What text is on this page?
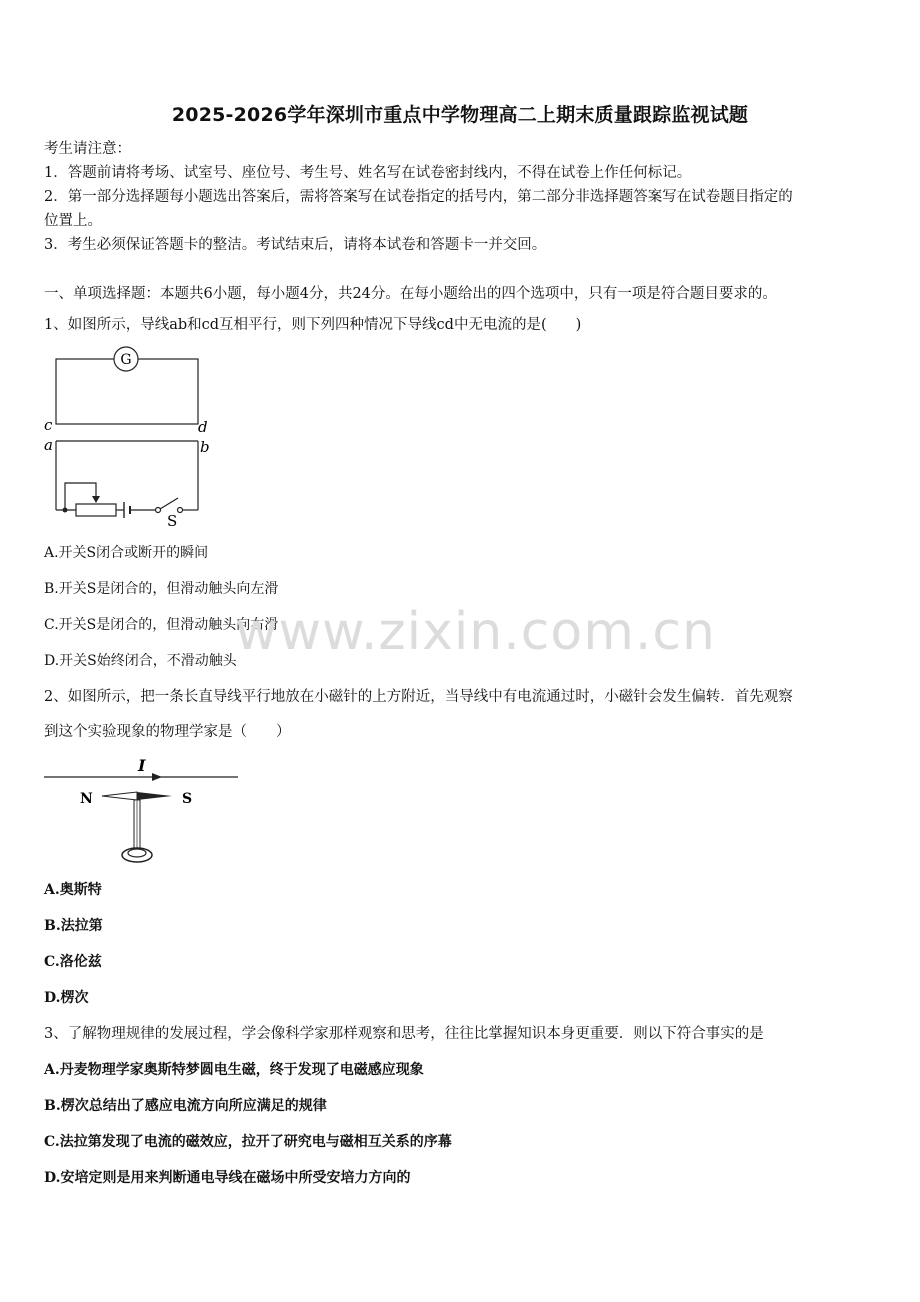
2025-2026学年深圳市重点中学物理高二上期末质量跟踪监视试题
考生请注意：
1．答题前请将考场、试室号、座位号、考生号、姓名写在试卷密封线内，不得在试卷上作任何标记。
2．第一部分选择题每小题选出答案后，需将答案写在试卷指定的括号内，第二部分非选择题答案写在试卷题目指定的
位置上。
3．考生必须保证答题卡的整洁。考试结束后，请将本试卷和答题卡一并交回。
一、单项选择题：本题共6小题，每小题4分，共24分。在每小题给出的四个选项中，只有一项是符合题目要求的。
1、如图所示，导线ab和cd互相平行，则下列四种情况下导线cd中无电流的是(　　)
G
c	d
a	b
S
A.开关S闭合或断开的瞬间
B.开关S是闭合的，但滑动触头向左滑
C.开关S是闭合的，但滑动触头向右滑
D.开关S始终闭合，不滑动触头
2、如图所示，把一条长直导线平行地放在小磁针的上方附近，当导线中有电流通过时，小磁针会发生偏转．首先观察
到这个实验现象的物理学家是（　　）
I
N	S
A.奥斯特
B.法拉第
C.洛伦兹
D.楞次
3、了解物理规律的发展过程，学会像科学家那样观察和思考，往往比掌握知识本身更重要．则以下符合事实的是
A.丹麦物理学家奥斯特梦圆电生磁，终于发现了电磁感应现象
B.楞次总结出了感应电流方向所应满足的规律
C.法拉第发现了电流的磁效应，拉开了研究电与磁相互关系的序幕
D.安培定则是用来判断通电导线在磁场中所受安培力方向的
www.zixin.com.cn
